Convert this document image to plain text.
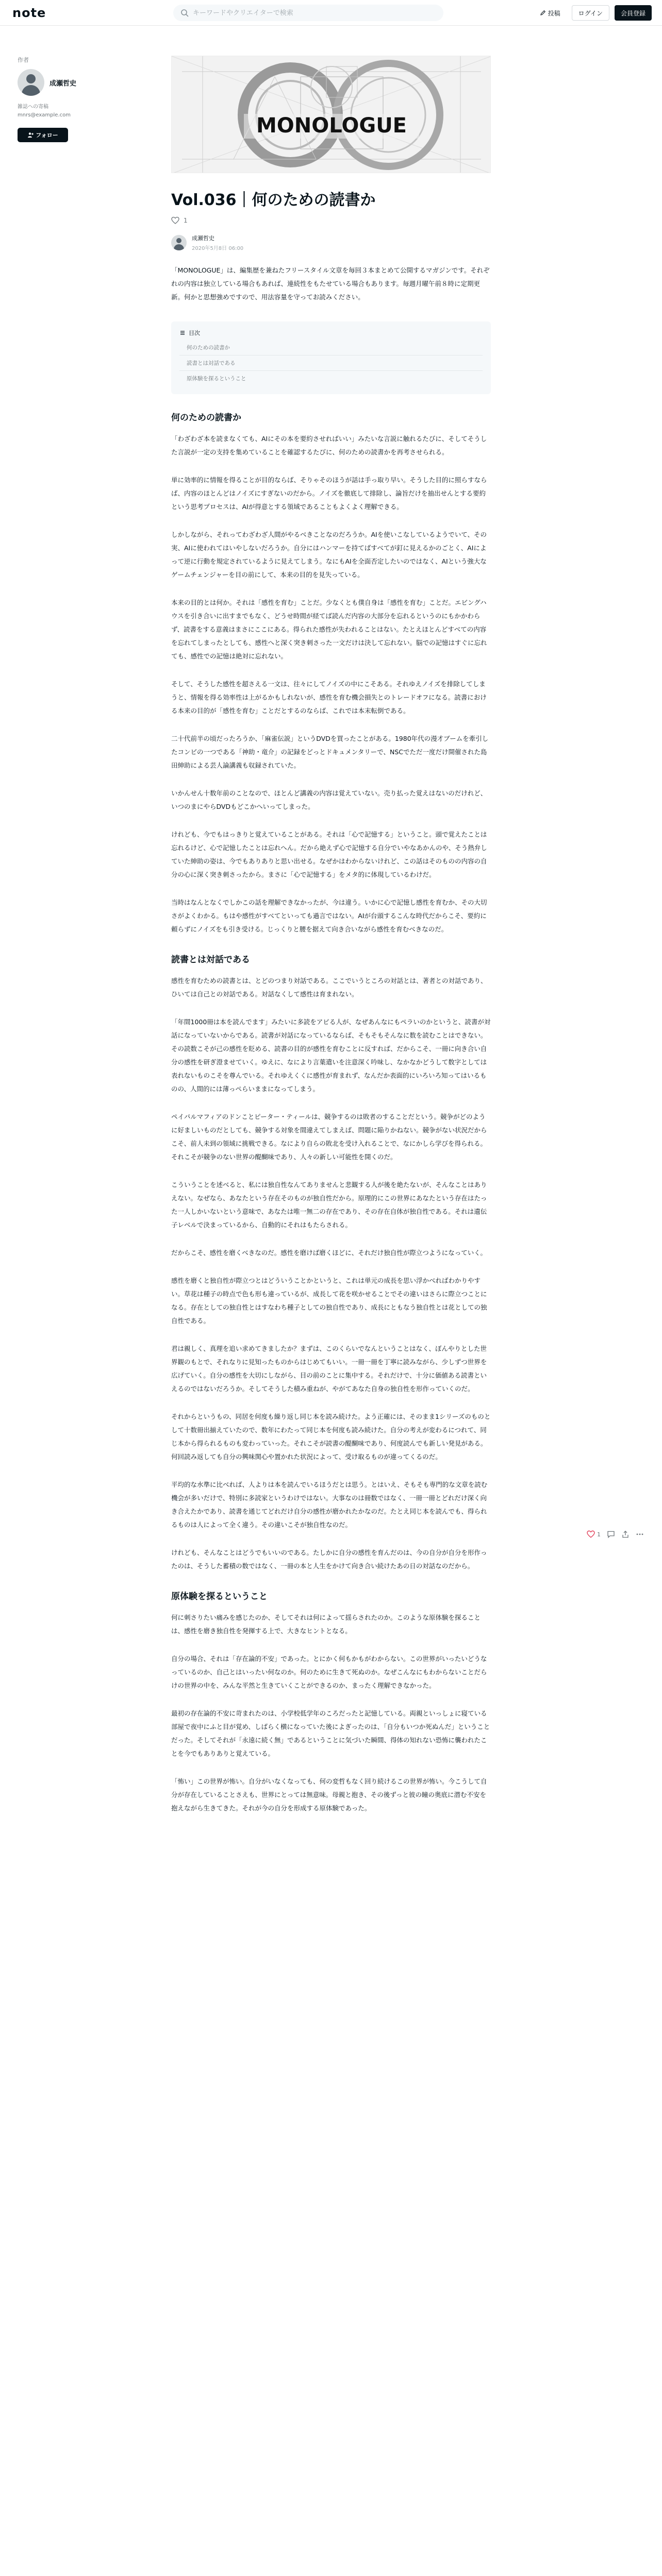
note
キーワードやクリエイターで検索	投稿	ログイン	会員登録
作者
成瀬哲史
雑誌への寄稿
mnrs@example.com
フォロー	MONOLOGUE
Vol.036｜何のための読書か
1
成瀬哲史
2020年5月8日 06:00

「MONOLOGUE」は、編集歴を兼ねたフリースタイル文章を毎回３本まとめて公開するマガジンです。それぞれの内容は独立している場合もあれば、連続性をもたせている場合もあります。毎週月曜午前８時に定期更新。何かと思想強めですので、用法容量を守ってお読みください。

目次
何のための読書か
読書とは対話である
原体験を探るということ
何のための読書か

「わざわざ本を読まなくても、AIにその本を要約させればいい」みたいな言説に触れるたびに、そしてそうした言説が一定の支持を集めていることを確認するたびに、何のための読書かを再考させられる。

単に効率的に情報を得ることが目的ならば、そりゃそのほうが話は手っ取り早い。そうした目的に照らすならば、内容のほとんどはノイズにすぎないのだから。ノイズを徹底して排除し、論旨だけを抽出せんとする要約という思考プロセスは、AIが得意とする領域であることもよくよく理解できる。

しかしながら、それってわざわざ人間がやるべきことなのだろうか。AIを使いこなしているようでいて、その実、AIに使われてはいやしないだろうか。自分にはハンマーを持てばすべてが釘に見えるかのごとく、AIによって逆に行動を規定されているように見えてしまう。なにもAIを全面否定したいのではなく、AIという強大なゲームチェンジャーを目の前にして、本来の目的を見失っている。

本来の目的とは何か。それは「感性を育む」ことだ。少なくとも僕自身は「感性を育む」ことだ。エビングハウスを引き合いに出すまでもなく、どうせ時間が経てば読んだ内容の大部分を忘れるというのにもかかわらず、読書をする意義はまさにここにある。得られた感性が失われることはない。たとえほとんどすべての内容を忘れてしまったとしても、感性へと深く突き刺さった一文だけは決して忘れない。脳での記憶はすぐに忘れても、感性での記憶は絶対に忘れない。

そして、そうした感性を超さえる一文は、往々にしてノイズの中にこそある。それゆえノイズを排除してしまうと、情報を得る効率性は上がるかもしれないが、感性を育む機会損失とのトレードオフになる。読書における本来の目的が「感性を育む」ことだとするのならば、これでは本末転倒である。

二十代前半の頃だったろうか、「麻雀伝説」というDVDを買ったことがある。1980年代の漫才ブームを牽引したコンビの一つである「神助・竜介」の記録をどっとドキュメンタリーで、NSCでただ一度だけ開催された島田紳助による芸人論講義も収録されていた。

いかんせん十数年前のことなので、ほとんど講義の内容は覚えていない。売り払った覚えはないのだけれど、いつのまにやらDVDもどこかへいってしまった。

けれども、今でもはっきりと覚えていることがある。それは「心で記憶する」ということ。頭で覚えたことは忘れるけど、心で記憶したことは忘れへん。だから絶えず心で記憶する自分でいやなあかんのや、そう熱弁していた紳助の姿は、今でもありありと思い出せる。なぜかはわからないけれど、この話はそのものの内容の自分の心に深く突き刺さったから。まさに「心で記憶する」をメタ的に体現しているわけだ。

当時はなんとなくでしかこの話を理解できなかったが、今は違う。いかに心で記憶し感性を育むか、その大切さがよくわかる。もはや感性がすべてといっても過言ではない。AIが台頭するこんな時代だからこそ、要約に頼らずにノイズをも引き受ける。じっくりと腰を据えて向き合いながら感性を育むべきなのだ。

読書とは対話である

感性を育むための読書とは、とどのつまり対話である。ここでいうところの対話とは、著者との対話であり、ひいては自己との対話である。対話なくして感性は育まれない。

「年間1000冊は本を読んでます」みたいに多読をアピる人が、なぜあんなにもペラいのかというと、読書が対話になっていないからである。読書が対話になっているならば、そもそもそんなに数を読むことはできない。その読数こそが己の感性を貶める、読書の目的が感性を育むことに反すれば、だからこそ、一冊に向き合い自分の感性を研ぎ澄ませていく。ゆえに、なにより言葉遣いを注意深く吟味し、なかなかどうして数字としては表れないものこそを尊んでいる。それゆえくくに感性が育まれず、なんだか表面的にいろいろ知ってはいるものの、人間的には薄っぺらいままになってしまう。

ペイパルマフィアのドンことピーター・ティールは、競争するのは敗者のすることだという。競争がどのように好ましいものだとしても、競争する対象を間違えてしまえば、問題に陥りかねない。競争がない状況だからこそ、前人未到の領域に挑戦できる。なにより自らの敗北を受け入れることで、なにかしら学びを得られる。それこそが競争のない世界の醍醐味であり、人々の新しい可能性を開くのだ。

こういうことを述べると、私には独自性なんてありませんと悲観する人が後を絶たないが、そんなことはありえない。なぜなら、あなたという存在そのものが独自性だから。原理的にこの世界にあなたという存在はたった一人しかいないという意味で、あなたは唯一無二の存在であり、その存在自体が独自性である。それは遺伝子レベルで決まっているから、自動的にそれはもたらされる。

だからこそ、感性を磨くべきなのだ。感性を磨けば磨くほどに、それだけ独自性が際立つようになっていく。

感性を磨くと独自性が際立つとはどういうことかというと、これは単元の成長を思い浮かべればわかりやすい。草花は種子の時点で色も形も違っているが、成長して花を咲かせることでその違いはさらに際立つことになる。存在としての独自性とはすなわち種子としての独自性であり、成長にともなう独自性とは花としての独自性である。

君は親しく、真理を追い求めてきましたか？まずは、このくらいでなんということはなく、ぼんやりとした世界観のもとで、それなりに見知ったものからはじめてもいい。一冊一冊を丁寧に読みながら、少しずつ世界を広げていく。自分の感性を大切にしながら、目の前のことに集中する。それだけで、十分に価値ある読書といえるのではないだろうか。そしてそうした積み重ねが、やがてあなた自身の独自性を形作っていくのだ。

それからというもの、同居を何度も繰り返し同じ本を読み続けた。よう正確には、そのまま1シリーズのものとして十数冊出揃えていたので、数年にわたって同じ本を何度も読み続けた。自分の考えが変わるにつれて、同じ本から得られるものも変わっていった。それこそが読書の醍醐味であり、何度読んでも新しい発見がある。何回読み返しても自分の興味関心や置かれた状況によって、受け取るものが違ってくるのだ。

平均的な水準に比べれば、人よりは本を読んでいるほうだとは思う。とはいえ、そもそも専門的な文章を読む機会が多いだけで、特別に多読家というわけではない。大事なのは冊数ではなく、一冊一冊とどれだけ深く向き合えたかであり、読書を通じてどれだけ自分の感性が磨かれたかなのだ。たとえ同じ本を読んでも、得られるものは人によって全く違う。その違いこそが独自性なのだ。

けれども、そんなことはどうでもいいのである。たしかに自分の感性を育んだのは、今の自分が自分を形作ったのは、そうした蓄積の数ではなく、一冊の本と人生をかけて向き合い続けたあの日の対話なのだから。

原体験を探るということ

何に刺さりたい痛みを感じたのか、そしてそれは何によって揺らされたのか。このような原体験を探ることは、感性を磨き独自性を発揮する上で、大きなヒントとなる。

自分の場合、それは「存在論的不安」であった。とにかく何もかもがわからない。この世界がいったいどうなっているのか、自己とはいったい何なのか。何のために生きて死ぬのか。なぜこんなにもわからないことだらけの世界の中を、みんな平然と生きていくことができるのか、まったく理解できなかった。

最初の存在論的不安に苛まれたのは、小学校低学年のころだったと記憶している。両親といっしょに寝ている部屋で夜中にふと目が覚め、しばらく横になっていた後によぎったのは、「自分もいつか死ぬんだ」ということだった。そしてそれが「永遠に続く無」であるということに気づいた瞬間、得体の知れない恐怖に襲われたことを今でもありありと覚えている。

「怖い」この世界が怖い。自分がいなくなっても、何の変哲もなく回り続けるこの世界が怖い。今こうして自分が存在していることさえも、世界にとっては無意味。母親と抱き、その後ずっと彼の瞳の奥底に潜む不安を抱えながら生きてきた。それが今の自分を形成する原体験であった。

1
